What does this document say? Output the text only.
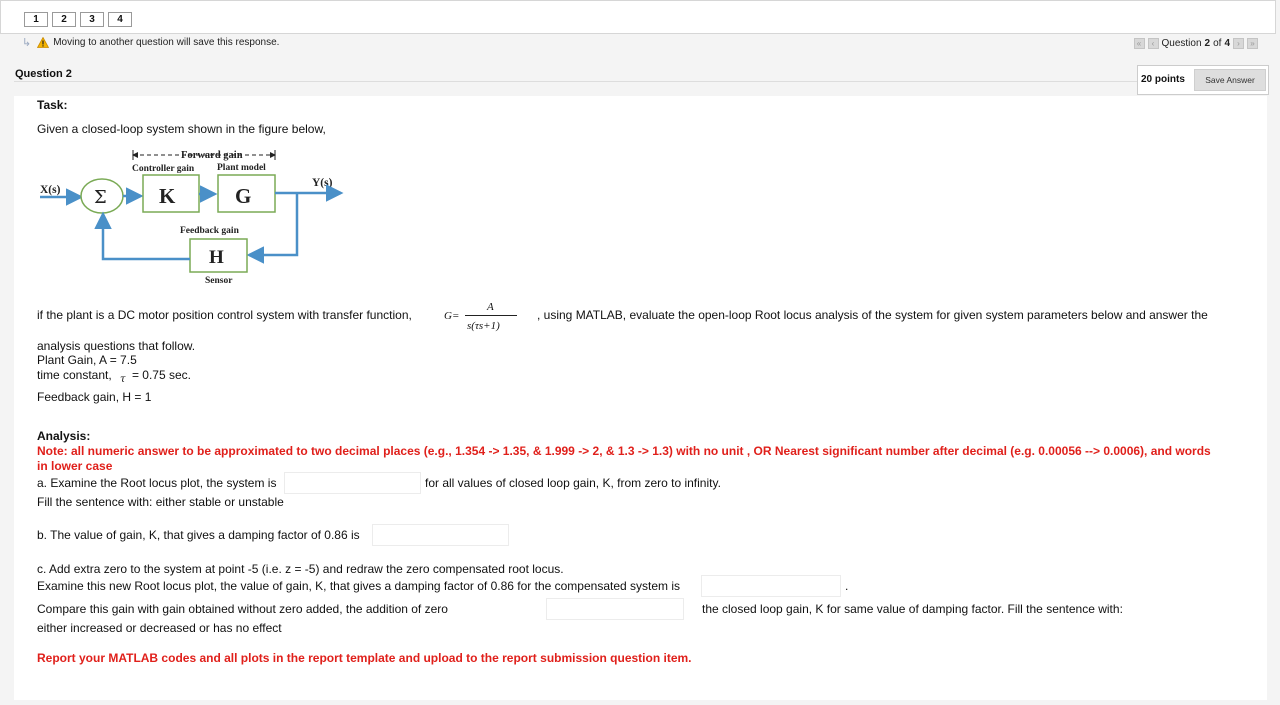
1	2	3	4
↳ Moving to another question will save this response.	«	‹ Question 2 of 4 ›	»
Question 2	20 points	Save Answer
Task:
Given a closed-loop system shown in the figure below,
Forward gain
Controller gain Plant model
X(s)
Y(s)
Σ K	G
Feedback gain
H
Sensor
if the plant is a DC motor position control system with transfer function,	G=
A
s(τs+1)
, using MATLAB, evaluate the open-loop Root locus analysis of the system for given system parameters below and answer the
analysis questions that follow.
Plant Gain, A = 7.5
time constant, $_\tau$ = 0.75 sec.
Feedback gain, H = 1
Analysis:
Note: all numeric answer to be approximated to two decimal places (e.g., 1.354 -> 1.35, & 1.999 -> 2, & 1.3 -> 1.3) with no unit , OR Nearest significant number after decimal (e.g. 0.00056 --> 0.0006), and words
in lower case
a. Examine the Root locus plot, the system is	for all values of closed loop gain, K, from zero to infinity.
Fill the sentence with: either stable or unstable
b. The value of gain, K, that gives a damping factor of 0.86 is
c. Add extra zero to the system at point -5 (i.e. z = -5) and redraw the zero compensated root locus.
Examine this new Root locus plot, the value of gain, K, that gives a damping factor of 0.86 for the compensated system is	.
Compare this gain with gain obtained without zero added, the addition of zero	the closed loop gain, K for same value of damping factor. Fill the sentence with:
either increased or decreased or has no effect
Report your MATLAB codes and all plots in the report template and upload to the report submission question item.
